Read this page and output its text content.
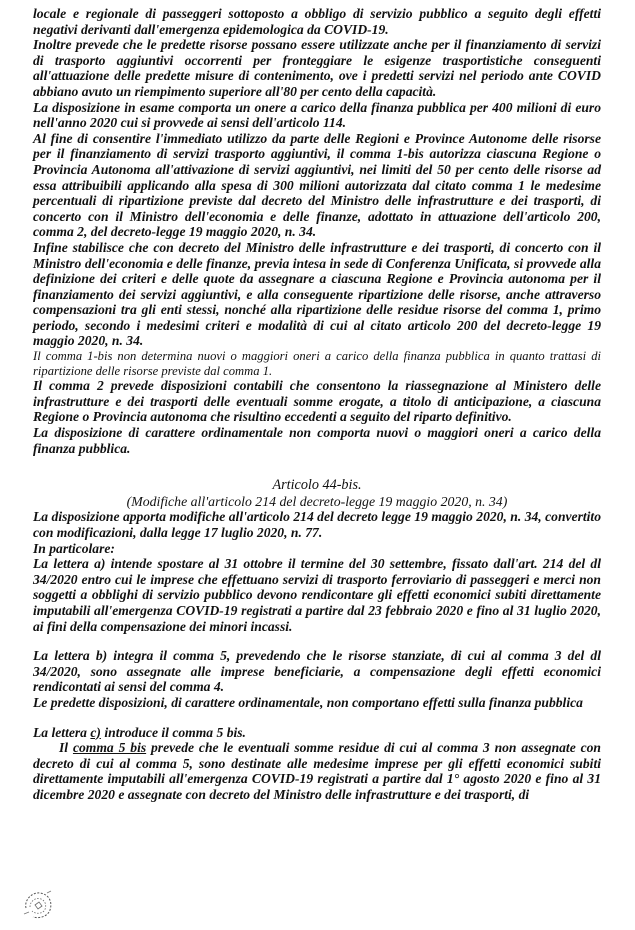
locale e regionale di passeggeri sottoposto a obbligo di servizio pubblico a seguito degli effetti negativi derivanti dall'emergenza epidemologica da COVID-19.

Inoltre prevede che le predette risorse possano essere utilizzate anche per il finanziamento di servizi di trasporto aggiuntivi occorrenti per fronteggiare le esigenze trasportistiche conseguenti all'attuazione delle predette misure di contenimento, ove i predetti servizi nel periodo ante COVID abbiano avuto un riempimento superiore all'80 per cento della capacità.

La disposizione in esame comporta un onere a carico della finanza pubblica per 400 milioni di euro nell'anno 2020 cui si provvede ai sensi dell'articolo 114.

Al fine di consentire l'immediato utilizzo da parte delle Regioni e Province Autonome delle risorse per il finanziamento di servizi trasporto aggiuntivi, il comma 1-bis autorizza ciascuna Regione o Provincia Autonoma all'attivazione di servizi aggiuntivi, nei limiti del 50 per cento delle risorse ad essa attribuibili applicando alla spesa di 300 milioni autorizzata dal citato comma 1 le medesime percentuali di ripartizione previste dal decreto del Ministro delle infrastrutture e dei trasporti, di concerto con il Ministro dell'economia e delle finanze, adottato in attuazione dell'articolo 200, comma 2, del decreto-legge 19 maggio 2020, n. 34.

Infine stabilisce che con decreto del Ministro delle infrastrutture e dei trasporti, di concerto con il Ministro dell'economia e delle finanze, previa intesa in sede di Conferenza Unificata, si provvede alla definizione dei criteri e delle quote da assegnare a ciascuna Regione e Provincia autonoma per il finanziamento dei servizi aggiuntivi, e alla conseguente ripartizione delle risorse, anche attraverso compensazioni tra gli enti stessi, nonché alla ripartizione delle residue risorse del comma 1, primo periodo, secondo i medesimi criteri e modalità di cui al citato articolo 200 del decreto-legge 19 maggio 2020, n. 34.

Il comma 1-bis non determina nuovi o maggiori oneri a carico della finanza pubblica in quanto trattasi di ripartizione delle risorse previste dal comma 1.

Il comma 2 prevede disposizioni contabili che consentono la riassegnazione al Ministero delle infrastrutture e dei trasporti delle eventuali somme erogate, a titolo di anticipazione, a ciascuna Regione o Provincia autonoma che risultino eccedenti a seguito del riparto definitivo.

La disposizione di carattere ordinamentale non comporta nuovi o maggiori oneri a carico della finanza pubblica.

Articolo 44-bis.

(Modifiche all'articolo 214 del decreto-legge 19 maggio 2020, n. 34)

La disposizione apporta modifiche all'articolo 214 del decreto legge 19 maggio 2020, n. 34, convertito con modificazioni, dalla legge 17 luglio 2020, n. 77.

In particolare:

La lettera a) intende spostare al 31 ottobre il termine del 30 settembre, fissato dall'art. 214 del dl 34/2020 entro cui le imprese che effettuano servizi di trasporto ferroviario di passeggeri e merci non soggetti a obblighi di servizio pubblico devono rendicontare gli effetti economici subiti direttamente imputabili all'emergenza COVID-19 registrati a partire dal 23 febbraio 2020 e fino al 31 luglio 2020, ai fini della compensazione dei minori incassi.

La lettera b) integra il comma 5, prevedendo che le risorse stanziate, di cui al comma 3 del dl 34/2020, sono assegnate alle imprese beneficiarie, a compensazione degli effetti economici rendicontati ai sensi del comma 4.

Le predette disposizioni, di carattere ordinamentale, non comportano effetti sulla finanza pubblica

La lettera c) introduce il comma 5 bis.

Il comma 5 bis prevede che le eventuali somme residue di cui al comma 3 non assegnate con decreto di cui al comma 5, sono destinate alle medesime imprese per gli effetti economici subiti direttamente imputabili all'emergenza COVID-19 registrati a partire dal 1° agosto 2020 e fino al 31 dicembre 2020 e assegnate con decreto del Ministro delle infrastrutture e dei trasporti, di
